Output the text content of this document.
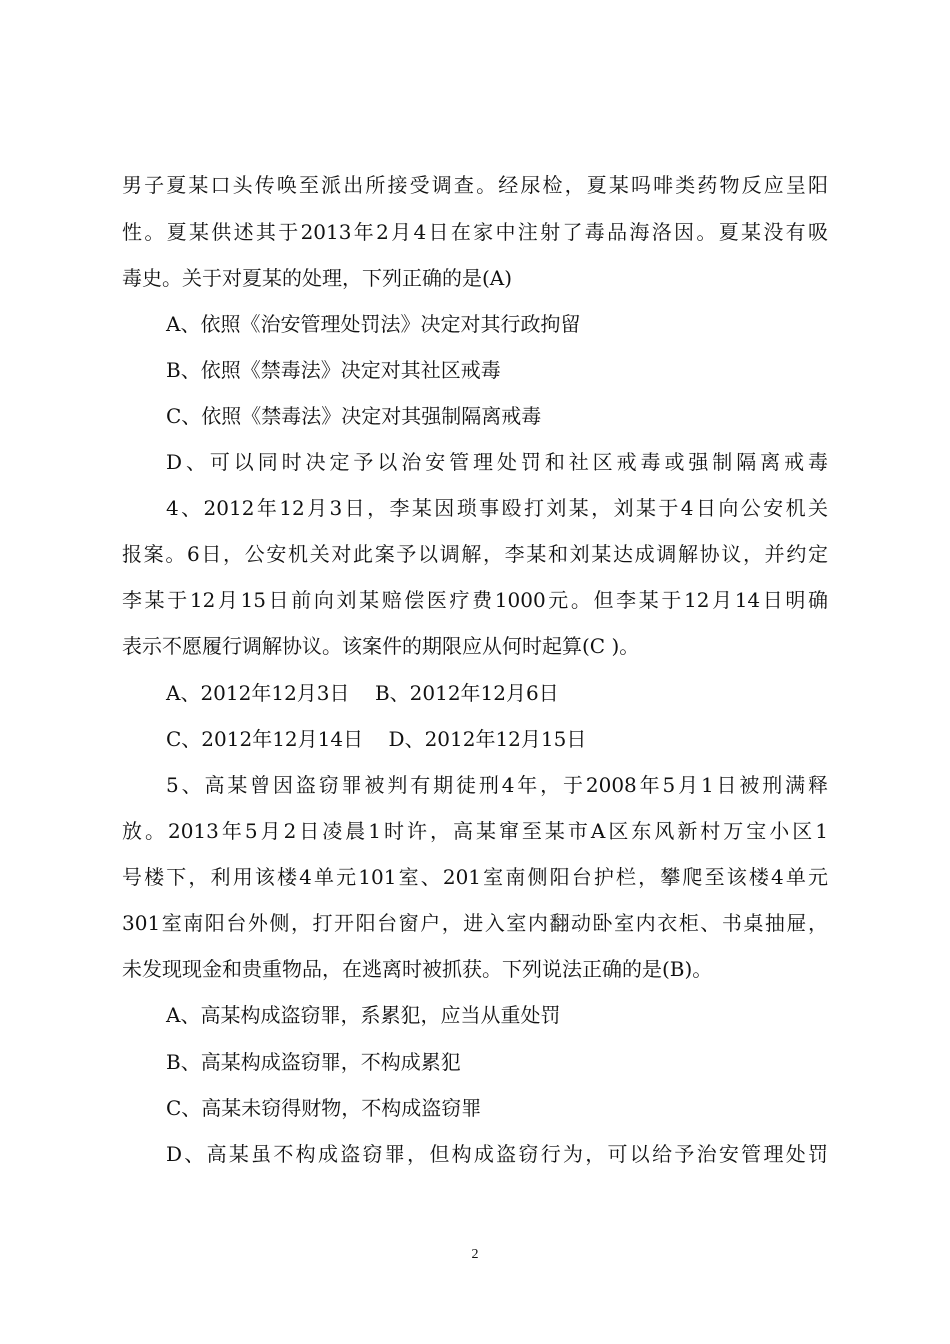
男子夏某口头传唤至派出所接受调查。经尿检，夏某吗啡类药物反应呈阳
性。夏某供述其于2013年2月4日在家中注射了毒品海洛因。夏某没有吸
毒史。关于对夏某的处理，下列正确的是(A)
A、依照《治安管理处罚法》决定对其行政拘留
B、依照《禁毒法》决定对其社区戒毒
C、依照《禁毒法》决定对其强制隔离戒毒
D、可以同时决定予以治安管理处罚和社区戒毒或强制隔离戒毒
4、2012年12月3日，李某因琐事殴打刘某，刘某于4日向公安机关
报案。6日，公安机关对此案予以调解，李某和刘某达成调解协议，并约定
李某于12月15日前向刘某赔偿医疗费1000元。但李某于12月14日明确
表示不愿履行调解协议。该案件的期限应从何时起算(C )。
A、2012年12月3日    B、2012年12月6日
C、2012年12月14日    D、2012年12月15日
5、高某曾因盗窃罪被判有期徒刑4年，于2008年5月1日被刑满释
放。2013年5月2日凌晨1时许，高某窜至某市A区东风新村万宝小区1
号楼下，利用该楼4单元101室、201室南侧阳台护栏，攀爬至该楼4单元
301室南阳台外侧，打开阳台窗户，进入室内翻动卧室内衣柜、书桌抽屉，
未发现现金和贵重物品，在逃离时被抓获。下列说法正确的是(B)。
A、高某构成盗窃罪，系累犯，应当从重处罚
B、高某构成盗窃罪，不构成累犯
C、高某未窃得财物，不构成盗窃罪
D、高某虽不构成盗窃罪，但构成盗窃行为，可以给予治安管理处罚
2
